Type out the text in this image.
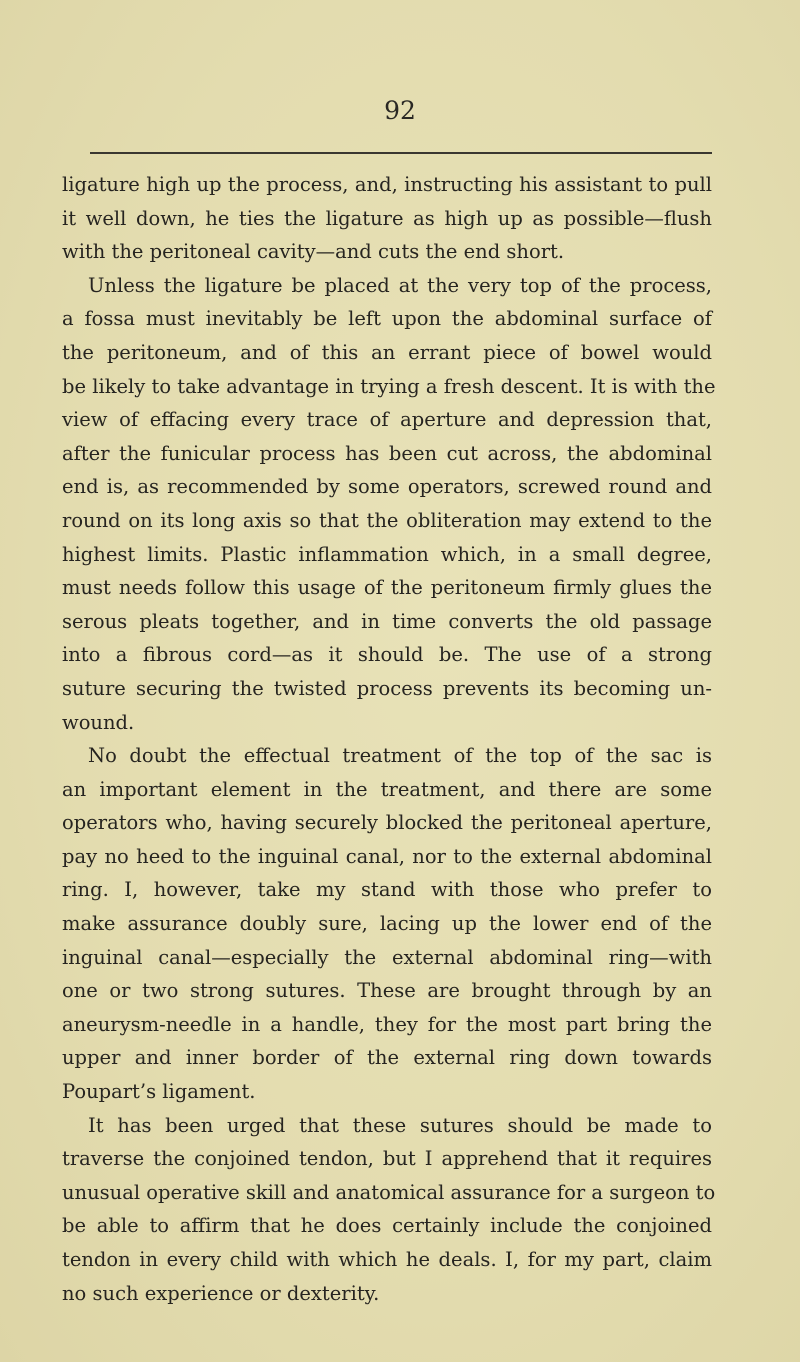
92
ligature high up the process, and, instructing his assistant to pull
it well down, he ties the ligature as high up as possible—flush
with the peritoneal cavity—and cuts the end short.
Unless the ligature be placed at the very top of the process,
a fossa must inevitably be left upon the abdominal surface of
the peritoneum, and of this an errant piece of bowel would
be likely to take advantage in trying a fresh descent. It is with the
view of effacing every trace of aperture and depression that,
after the funicular process has been cut across, the abdominal
end is, as recommended by some operators, screwed round and
round on its long axis so that the obliteration may extend to the
highest limits. Plastic inflammation which, in a small degree,
must needs follow this usage of the peritoneum firmly glues the
serous pleats together, and in time converts the old passage
into a fibrous cord—as it should be. The use of a strong
suture securing the twisted process prevents its becoming un-
wound.
No doubt the effectual treatment of the top of the sac is
an important element in the treatment, and there are some
operators who, having securely blocked the peritoneal aperture,
pay no heed to the inguinal canal, nor to the external abdominal
ring. I, however, take my stand with those who prefer to
make assurance doubly sure, lacing up the lower end of the
inguinal canal—especially the external abdominal ring—with
one or two strong sutures. These are brought through by an
aneurysm-needle in a handle, they for the most part bring the
upper and inner border of the external ring down towards
Poupart’s ligament.
It has been urged that these sutures should be made to
traverse the conjoined tendon, but I apprehend that it requires
unusual operative skill and anatomical assurance for a surgeon to
be able to affirm that he does certainly include the conjoined
tendon in every child with which he deals. I, for my part, claim
no such experience or dexterity.
